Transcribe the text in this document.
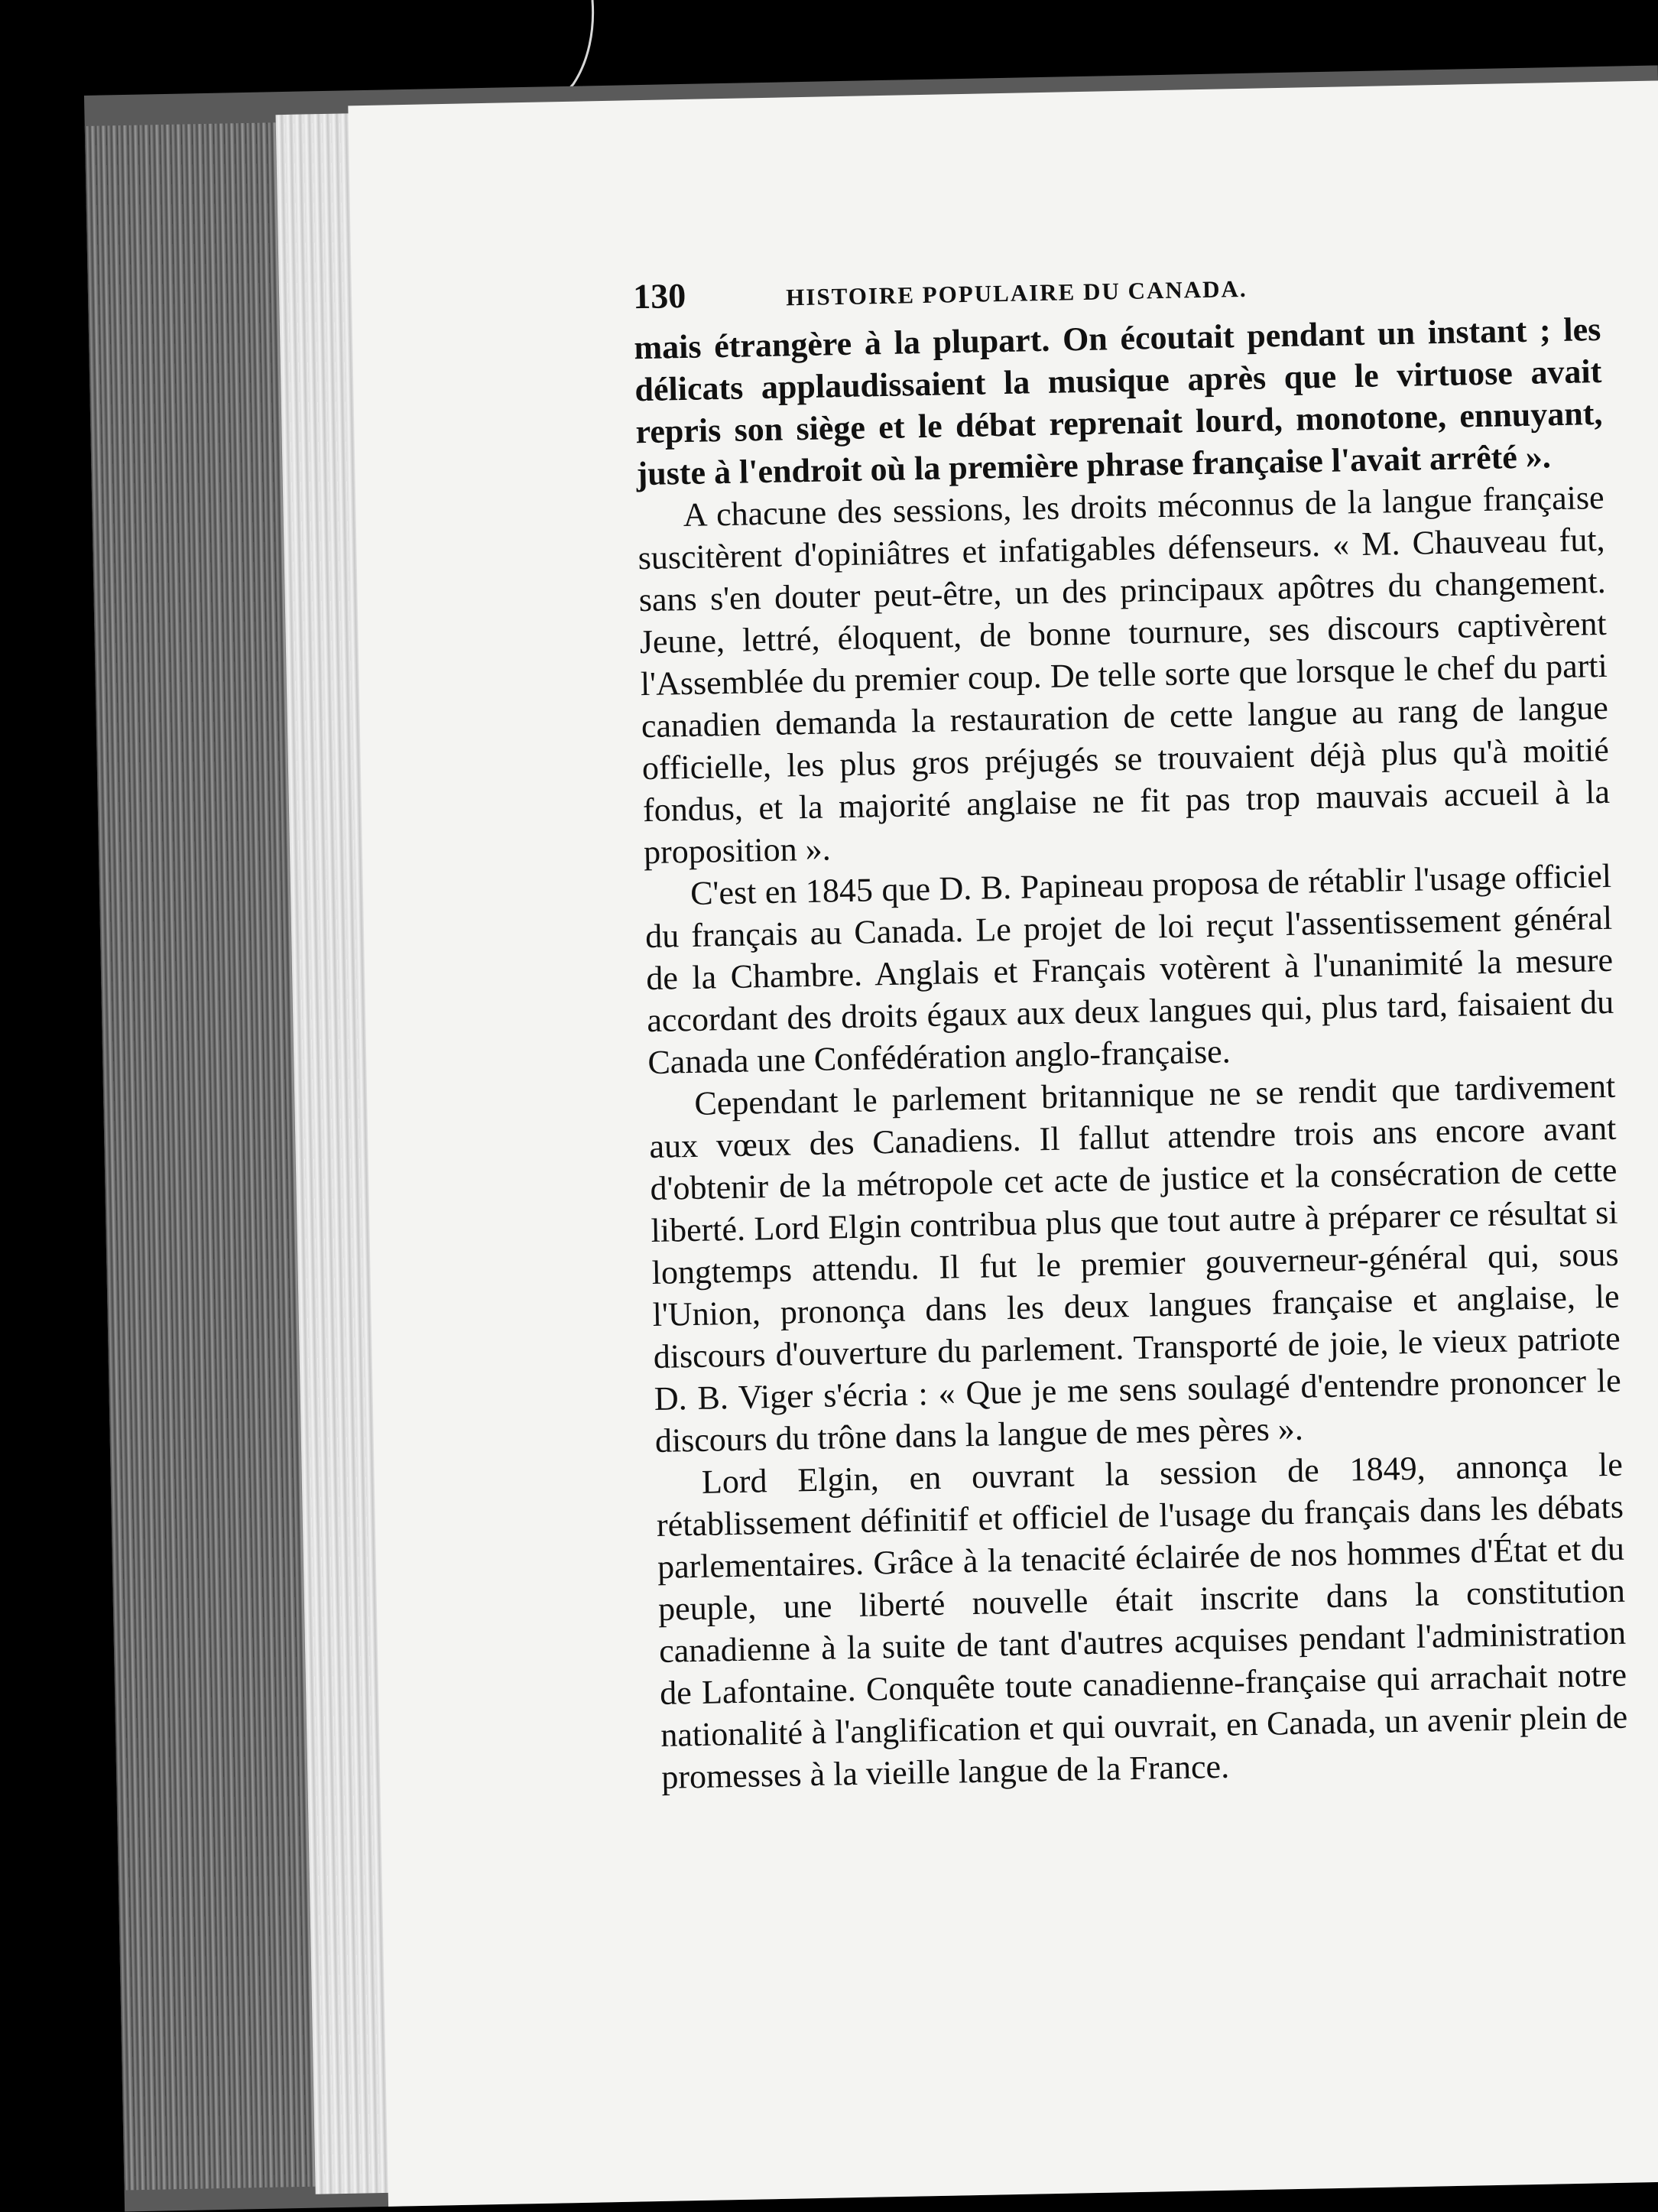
130	HISTOIRE POPULAIRE DU CANADA.

mais étrangère à la plupart. On écoutait pendant un instant ; les délicats applaudissaient la musique après que le virtuose avait repris son siège et le débat reprenait lourd, monotone, ennuyant, juste à l'endroit où la première phrase française l'avait arrêté ».

A chacune des sessions, les droits méconnus de la langue française suscitèrent d'opiniâtres et infatigables défenseurs. « M. Chauveau fut, sans s'en douter peut-être, un des principaux apôtres du changement. Jeune, lettré, éloquent, de bonne tournure, ses discours captivèrent l'Assemblée du premier coup. De telle sorte que lorsque le chef du parti canadien demanda la restauration de cette langue au rang de langue officielle, les plus gros préjugés se trouvaient déjà plus qu'à moitié fondus, et la majorité anglaise ne fit pas trop mauvais accueil à la proposition ».

C'est en 1845 que D. B. Papineau proposa de rétablir l'usage officiel du français au Canada. Le projet de loi reçut l'assentissement général de la Chambre. Anglais et Français votèrent à l'unanimité la mesure accordant des droits égaux aux deux langues qui, plus tard, faisaient du Canada une Confédération anglo-française.

Cependant le parlement britannique ne se rendit que tardivement aux vœux des Canadiens. Il fallut attendre trois ans encore avant d'obtenir de la métropole cet acte de justice et la consécration de cette liberté. Lord Elgin contribua plus que tout autre à préparer ce résultat si longtemps attendu. Il fut le premier gouverneur-général qui, sous l'Union, prononça dans les deux langues française et anglaise, le discours d'ouverture du parlement. Transporté de joie, le vieux patriote D. B. Viger s'écria : « Que je me sens soulagé d'entendre prononcer le discours du trône dans la langue de mes pères ».

Lord Elgin, en ouvrant la session de 1849, annonça le rétablissement définitif et officiel de l'usage du français dans les débats parlementaires. Grâce à la tenacité éclairée de nos hommes d'État et du peuple, une liberté nouvelle était inscrite dans la constitution canadienne à la suite de tant d'autres acquises pendant l'administration de Lafontaine. Conquête toute canadienne-française qui arrachait notre nationalité à l'anglification et qui ouvrait, en Canada, un avenir plein de promesses à la vieille langue de la France.
